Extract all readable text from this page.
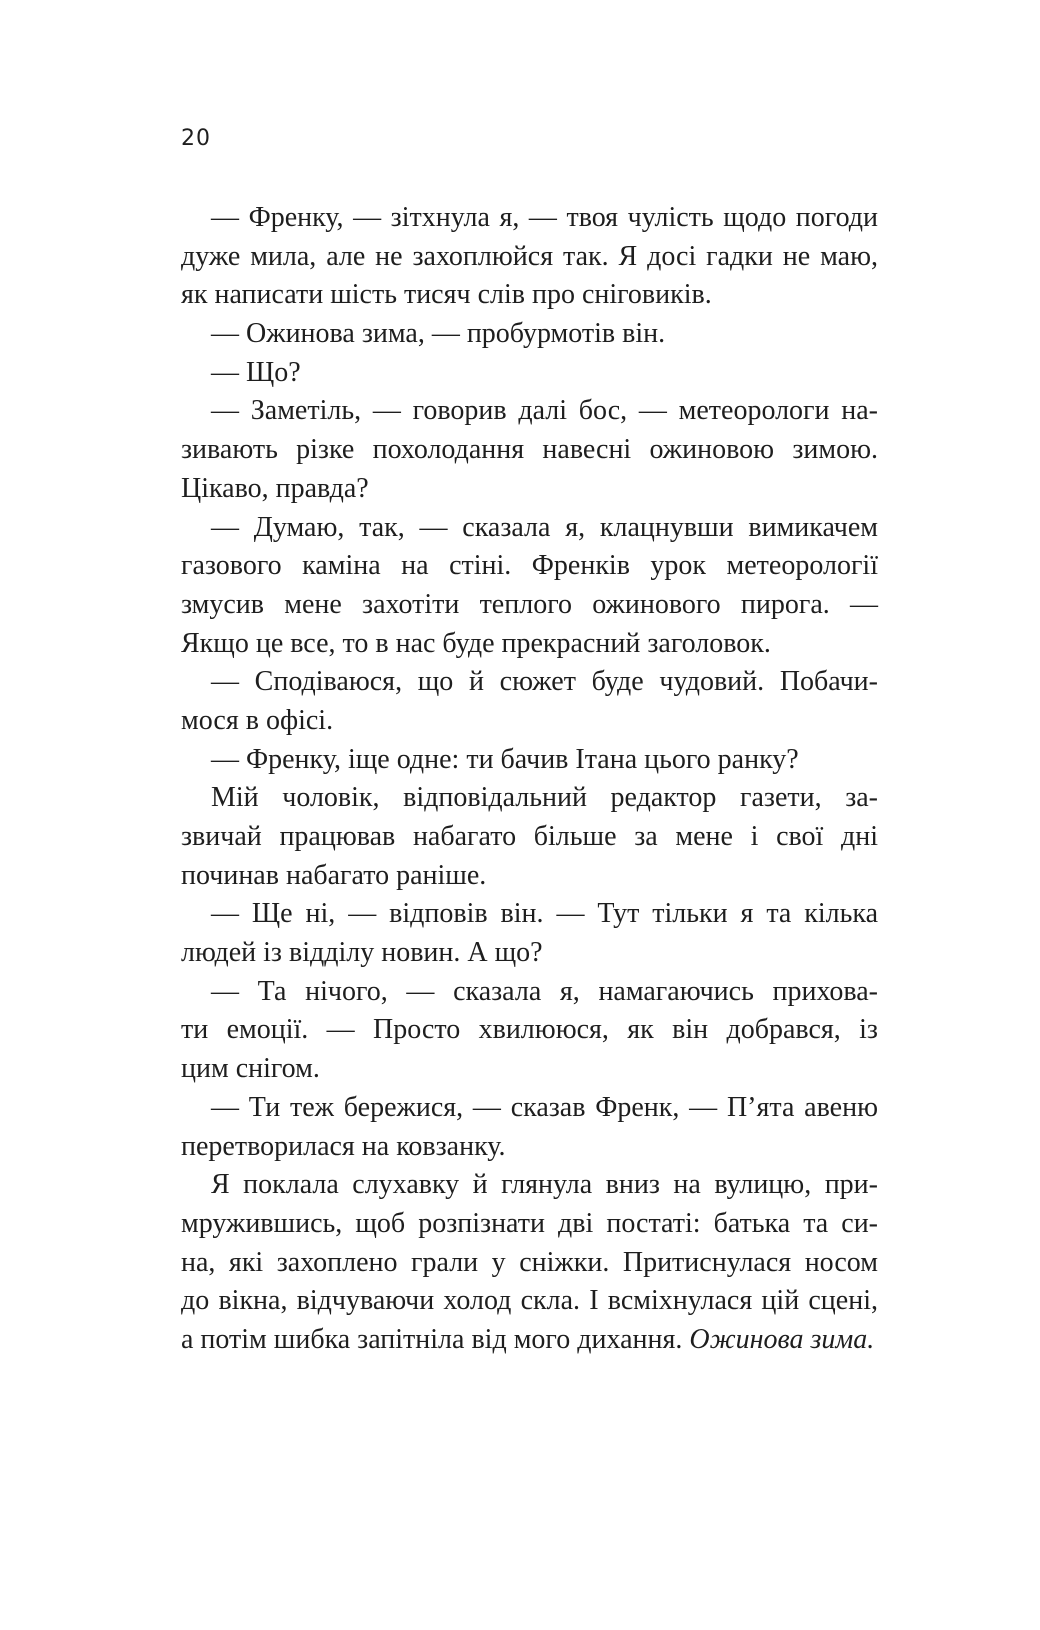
20
— Френку, — зітхнула я, — твоя чулість щодо погоди
дуже мила, але не захоплюйся так. Я досі гадки не маю,
як написати шість тисяч слів про сніговиків.
— Ожинова зима, — пробурмотів він.
— Що?
— Заметіль, — говорив далі бос, — метеорологи на-
зивають різке похолодання навесні ожиновою зимою.
Цікаво, правда?
— Думаю, так, — сказала я, клацнувши вимикачем
газового каміна на стіні. Френків урок метеорології
змусив мене захотіти теплого ожинового пирога. —
Якщо це все, то в нас буде прекрасний заголовок.
— Сподіваюся, що й сюжет буде чудовий. Побачи-
мося в офісі.
— Френку, іще одне: ти бачив Ітана цього ранку?
Мій чоловік, відповідальний редактор газети, за-
звичай працював набагато більше за мене і свої дні
починав набагато раніше.
— Ще ні, — відповів він. — Тут тільки я та кілька
людей із відділу новин. А що?
— Та нічого, — сказала я, намагаючись прихова-
ти емоції. — Просто хвилююся, як він добрався, із
цим снігом.
— Ти теж бережися, — сказав Френк, — П’ята авеню
перетворилася на ковзанку.
Я поклала слухавку й глянула вниз на вулицю, при-
мружившись, щоб розпізнати дві постаті: батька та си-
на, які захоплено грали у сніжки. Притиснулася носом
до вікна, відчуваючи холод скла. І всміхнулася цій сцені,
а потім шибка запітніла від мого дихання. Ожинова зима.
